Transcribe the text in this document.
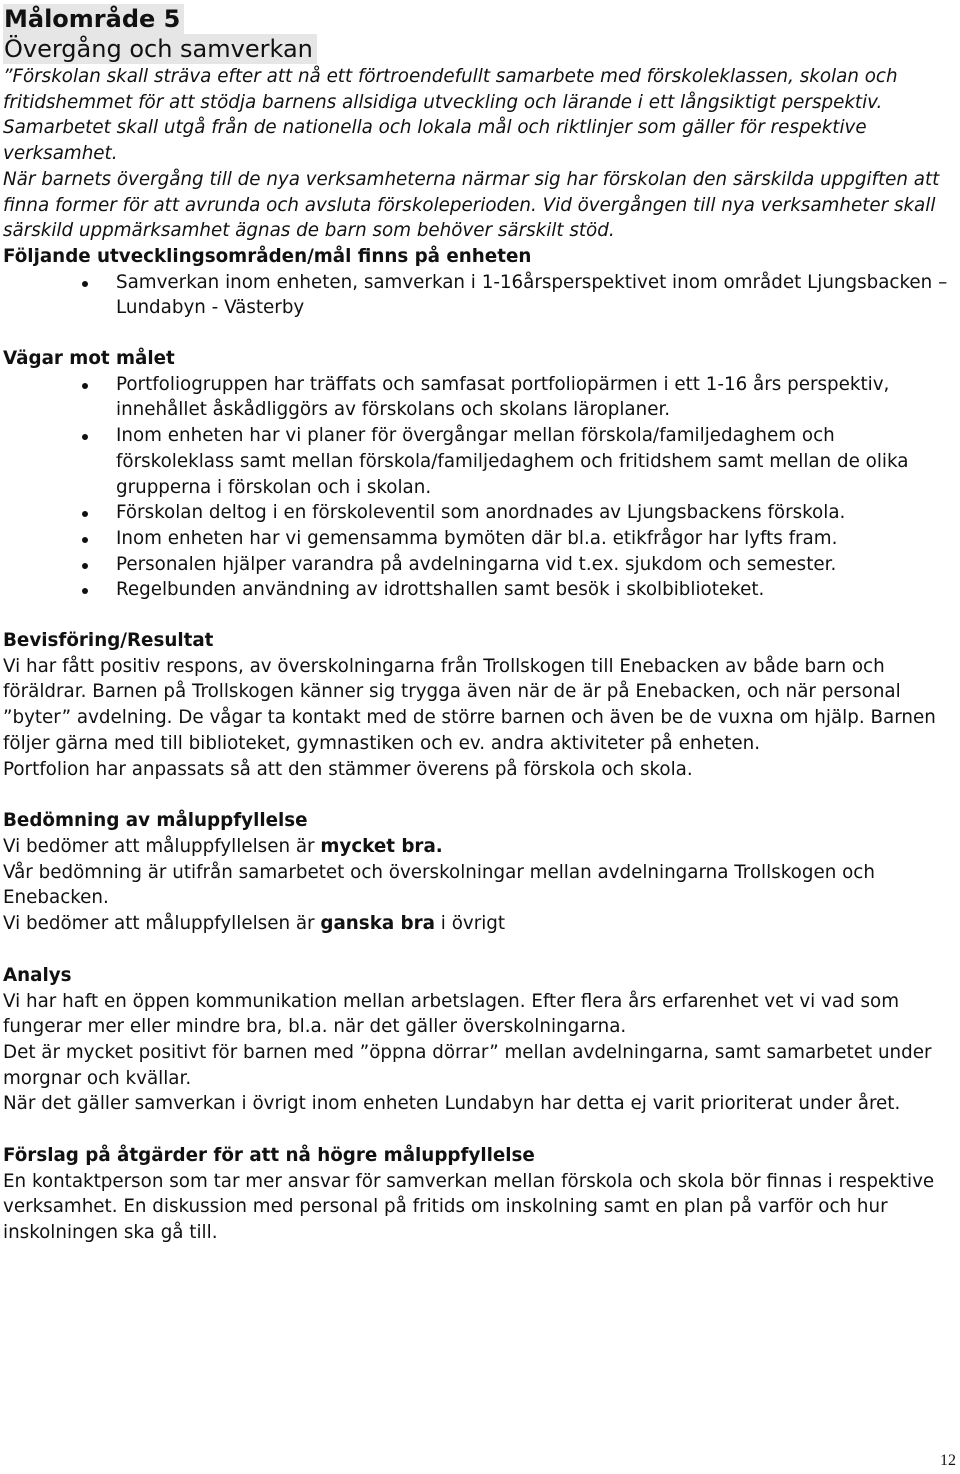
Målområde 5
Övergång och samverkan

”Förskolan skall sträva efter att nå ett förtroendefullt samarbete med förskoleklassen, skolan och fritidshemmet för att stödja barnens allsidiga utveckling och lärande i ett långsiktigt perspektiv. Samarbetet skall utgå från de nationella och lokala mål och riktlinjer som gäller för respektive verksamhet.

När barnets övergång till de nya verksamheterna närmar sig har förskolan den särskilda uppgiften att finna former för att avrunda och avsluta förskoleperioden. Vid övergången till nya verksamheter skall särskild uppmärksamhet ägnas de barn som behöver särskilt stöd.

Följande utvecklingsområden/mål finns på enheten
Samverkan inom enheten, samverkan i 1-16årsperspektivet inom området Ljungsbacken – Lundabyn - Västerby
Vägar mot målet
Portfoliogruppen har träffats och samfasat portfoliopärmen i ett 1-16 års perspektiv, innehållet åskådliggörs av förskolans och skolans läroplaner.
Inom enheten har vi planer för övergångar mellan förskola/familjedaghem och förskoleklass samt mellan förskola/familjedaghem och fritidshem samt mellan de olika grupperna i förskolan och i skolan.
Förskolan deltog i en förskoleventil som anordnades av Ljungsbackens förskola.
Inom enheten har vi gemensamma bymöten där bl.a. etikfrågor har lyfts fram.
Personalen hjälper varandra på avdelningarna vid t.ex. sjukdom och semester.
Regelbunden användning av idrottshallen samt besök i skolbiblioteket.
Bevisföring/Resultat

Vi har fått positiv respons, av överskolningarna från Trollskogen till Enebacken av både barn och föräldrar. Barnen på Trollskogen känner sig trygga även när de är på Enebacken, och när personal ”byter” avdelning. De vågar ta kontakt med de större barnen och även be de vuxna om hjälp. Barnen följer gärna med till biblioteket, gymnastiken och ev. andra aktiviteter på enheten.

Portfolion har anpassats så att den stämmer överens på förskola och skola.

Bedömning av måluppfyllelse

Vi bedömer att måluppfyllelsen är mycket bra.

Vår bedömning är utifrån samarbetet och överskolningar mellan avdelningarna Trollskogen och Enebacken.

Vi bedömer att måluppfyllelsen är ganska bra i övrigt

Analys

Vi har haft en öppen kommunikation mellan arbetslagen. Efter flera års erfarenhet vet vi vad som fungerar mer eller mindre bra, bl.a. när det gäller överskolningarna.

Det är mycket positivt för barnen med ”öppna dörrar” mellan avdelningarna, samt samarbetet under morgnar och kvällar.

När det gäller samverkan i övrigt inom enheten Lundabyn har detta ej varit prioriterat under året.

Förslag på åtgärder för att nå högre måluppfyllelse

En kontaktperson som tar mer ansvar för samverkan mellan förskola och skola bör finnas i respektive verksamhet. En diskussion med personal på fritids om inskolning samt en plan på varför och hur inskolningen ska gå till.

12
